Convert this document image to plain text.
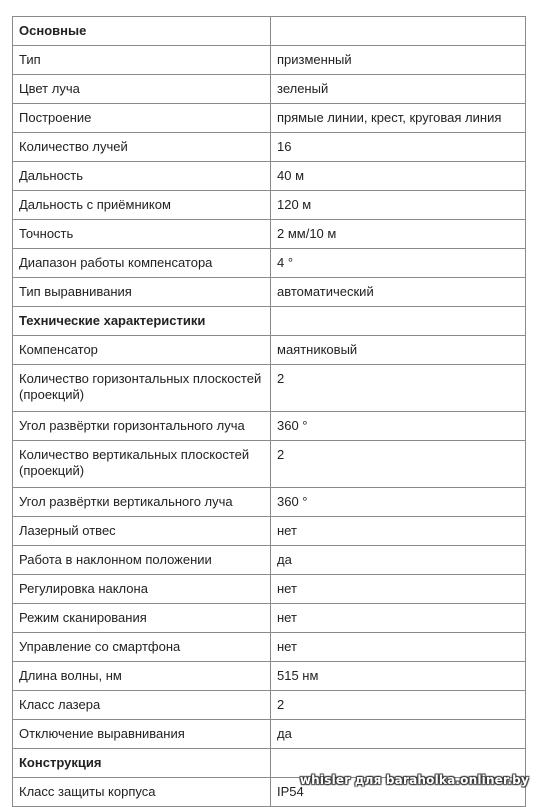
Основные	
Тип	призменный
Цвет луча	зеленый
Построение	прямые линии, крест, круговая линия
Количество лучей	16
Дальность	40 м
Дальность с приёмником	120 м
Точность	2 мм/10 м
Диапазон работы компенсатора	4 °
Тип выравнивания	автоматический
Технические характеристики	
Компенсатор	маятниковый
Количество горизонтальных плоскостей (проекций)	2
Угол развёртки горизонтального луча	360 °
Количество вертикальных плоскостей (проекций)	2
Угол развёртки вертикального луча	360 °
Лазерный отвес	нет
Работа в наклонном положении	да
Регулировка наклона	нет
Режим сканирования	нет
Управление со смартфона	нет
Длина волны, нм	515 нм
Класс лазера	2
Отключение выравнивания	да
Конструкция	
Класс защиты корпуса	IP54
whisler для baraholka.onliner.by
